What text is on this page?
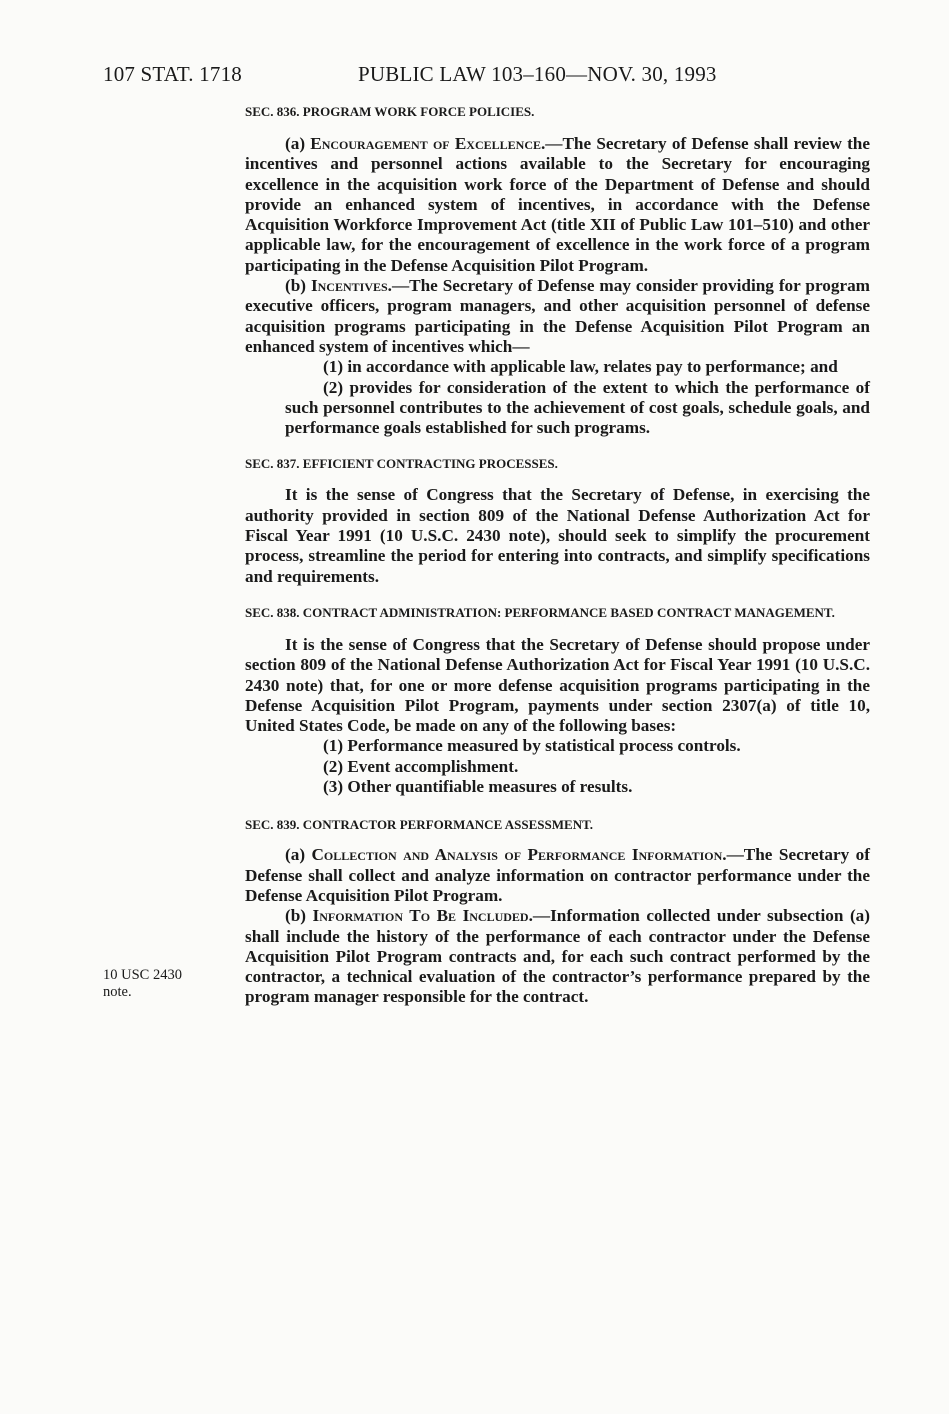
107 STAT. 1718	PUBLIC LAW 103–160—NOV. 30, 1993
10 USC 2430
note.

SEC. 836. PROGRAM WORK FORCE POLICIES.

(a) Encouragement of Excellence.—The Secretary of Defense shall review the incentives and personnel actions available to the Secretary for encouraging excellence in the acquisition work force of the Department of Defense and should provide an enhanced system of incentives, in accordance with the Defense Acquisition Workforce Improvement Act (title XII of Public Law 101–510) and other applicable law, for the encouragement of excellence in the work force of a program participating in the Defense Acquisition Pilot Program.

(b) Incentives.—The Secretary of Defense may consider providing for program executive officers, program managers, and other acquisition personnel of defense acquisition programs participating in the Defense Acquisition Pilot Program an enhanced system of incentives which—

(1) in accordance with applicable law, relates pay to performance; and

(2) provides for consideration of the extent to which the performance of such personnel contributes to the achievement of cost goals, schedule goals, and performance goals established for such programs.

SEC. 837. EFFICIENT CONTRACTING PROCESSES.

It is the sense of Congress that the Secretary of Defense, in exercising the authority provided in section 809 of the National Defense Authorization Act for Fiscal Year 1991 (10 U.S.C. 2430 note), should seek to simplify the procurement process, streamline the period for entering into contracts, and simplify specifications and requirements.

SEC. 838. CONTRACT ADMINISTRATION: PERFORMANCE BASED CONTRACT MANAGEMENT.

It is the sense of Congress that the Secretary of Defense should propose under section 809 of the National Defense Authorization Act for Fiscal Year 1991 (10 U.S.C. 2430 note) that, for one or more defense acquisition programs participating in the Defense Acquisition Pilot Program, payments under section 2307(a) of title 10, United States Code, be made on any of the following bases:

(1) Performance measured by statistical process controls.

(2) Event accomplishment.

(3) Other quantifiable measures of results.

SEC. 839. CONTRACTOR PERFORMANCE ASSESSMENT.

(a) Collection and Analysis of Performance Information.—The Secretary of Defense shall collect and analyze information on contractor performance under the Defense Acquisition Pilot Program.

(b) Information To Be Included.—Information collected under subsection (a) shall include the history of the performance of each contractor under the Defense Acquisition Pilot Program contracts and, for each such contract performed by the contractor, a technical evaluation of the contractor’s performance prepared by the program manager responsible for the contract.
